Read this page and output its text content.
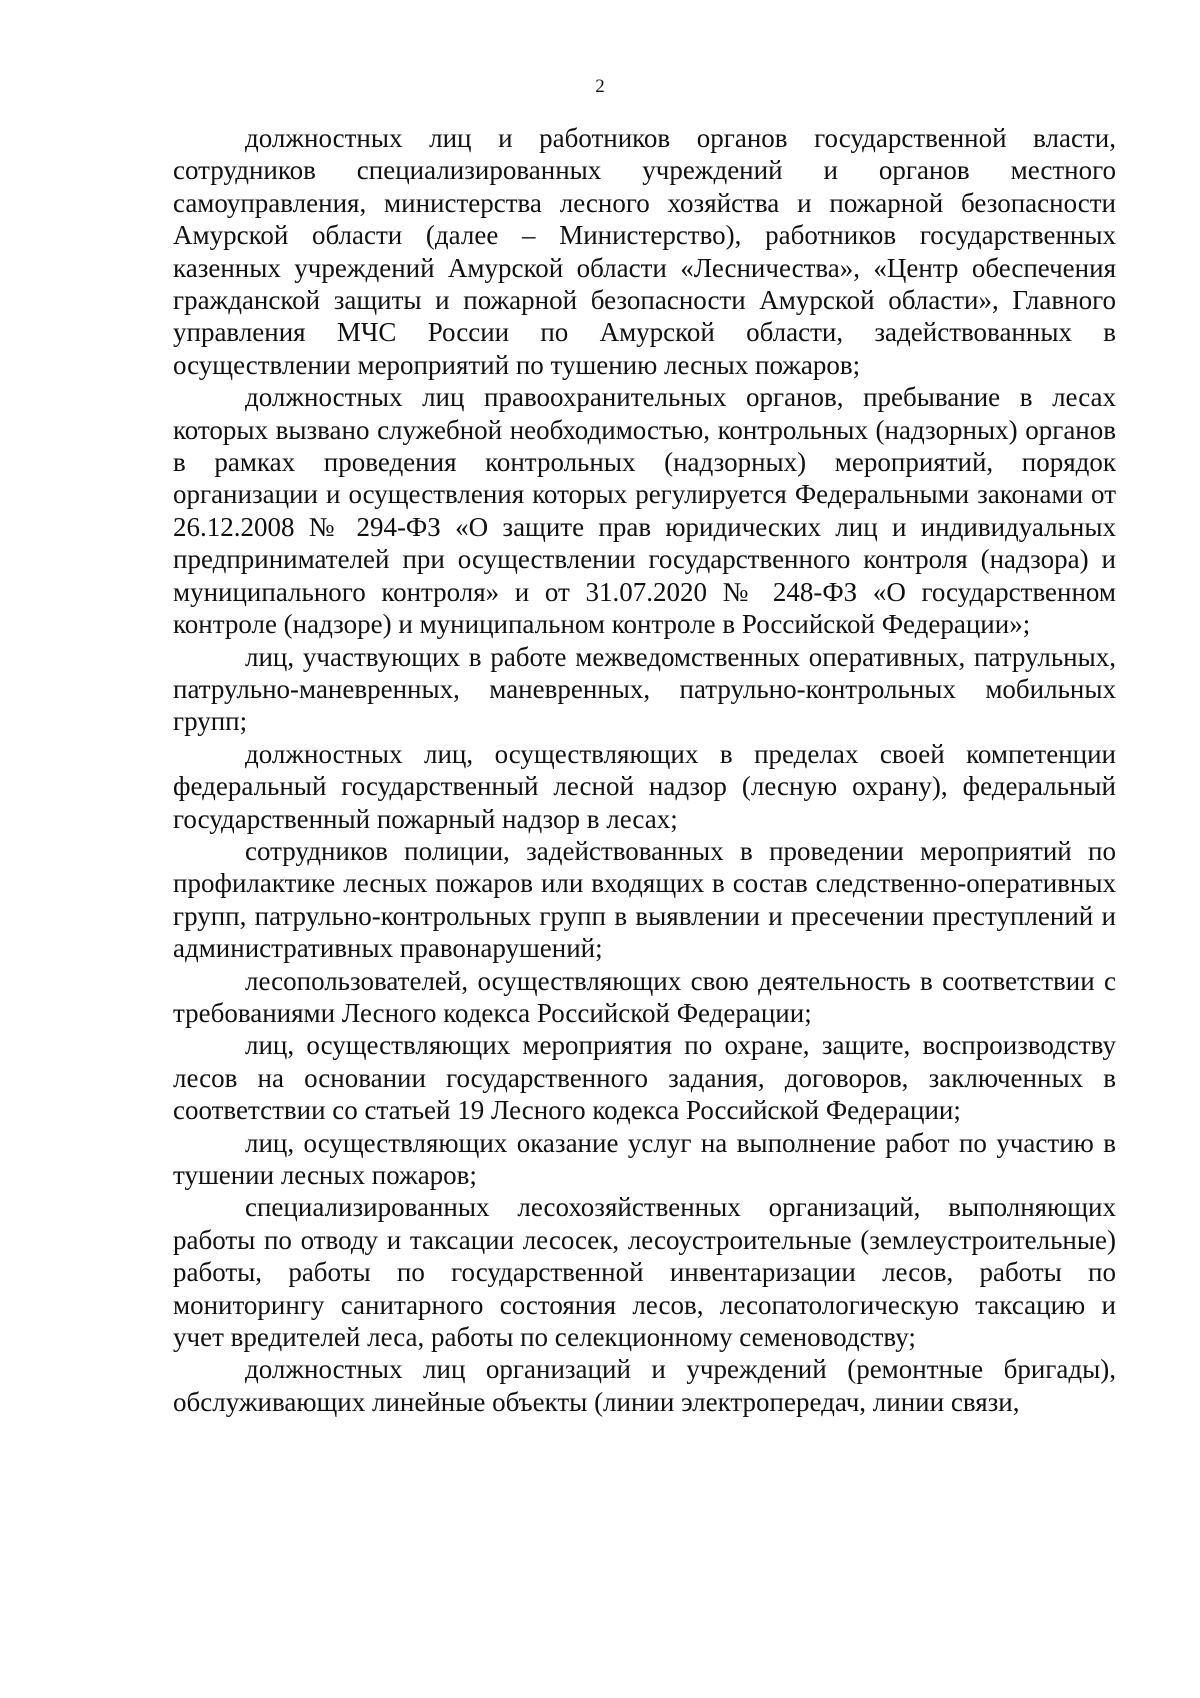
2

должностных лиц и работников органов государственной власти, сотрудников специализированных учреждений и органов местного самоуправления, министерства лесного хозяйства и пожарной безопасности Амурской области (далее – Министерство), работников государственных казенных учреждений Амурской области «Лесничества», «Центр обеспечения гражданской защиты и пожарной безопасности Амурской области», Главного управления МЧС России по Амурской области, задействованных в осуществлении мероприятий по тушению лесных пожаров;

должностных лиц правоохранительных органов, пребывание в лесах которых вызвано служебной необходимостью, контрольных (надзорных) органов в рамках проведения контрольных (надзорных) мероприятий, порядок организации и осуществления которых регулируется Федеральными законами от 26.12.2008 № 294-ФЗ «О защите прав юридических лиц и индивидуальных предпринимателей при осуществлении государственного контроля (надзора) и муниципального контроля» и от 31.07.2020 № 248-ФЗ «О государственном контроле (надзоре) и муниципальном контроле в Российской Федерации»;

лиц, участвующих в работе межведомственных оперативных, патрульных, патрульно-маневренных, маневренных, патрульно-контрольных мобильных групп;

должностных лиц, осуществляющих в пределах своей компетенции федеральный государственный лесной надзор (лесную охрану), федеральный государственный пожарный надзор в лесах;

сотрудников полиции, задействованных в проведении мероприятий по профилактике лесных пожаров или входящих в состав следственно-оперативных групп, патрульно-контрольных групп в выявлении и пресечении преступлений и административных правонарушений;

лесопользователей, осуществляющих свою деятельность в соответствии с требованиями Лесного кодекса Российской Федерации;

лиц, осуществляющих мероприятия по охране, защите, воспроизводству лесов на основании государственного задания, договоров, заключенных в соответствии со статьей 19 Лесного кодекса Российской Федерации;

лиц, осуществляющих оказание услуг на выполнение работ по участию в тушении лесных пожаров;

специализированных лесохозяйственных организаций, выполняющих работы по отводу и таксации лесосек, лесоустроительные (землеустроительные) работы, работы по государственной инвентаризации лесов, работы по мониторингу санитарного состояния лесов, лесопатологическую таксацию и учет вредителей леса, работы по селекционному семеноводству;

должностных лиц организаций и учреждений (ремонтные бригады), обслуживающих линейные объекты (линии электропередач, линии связи,
